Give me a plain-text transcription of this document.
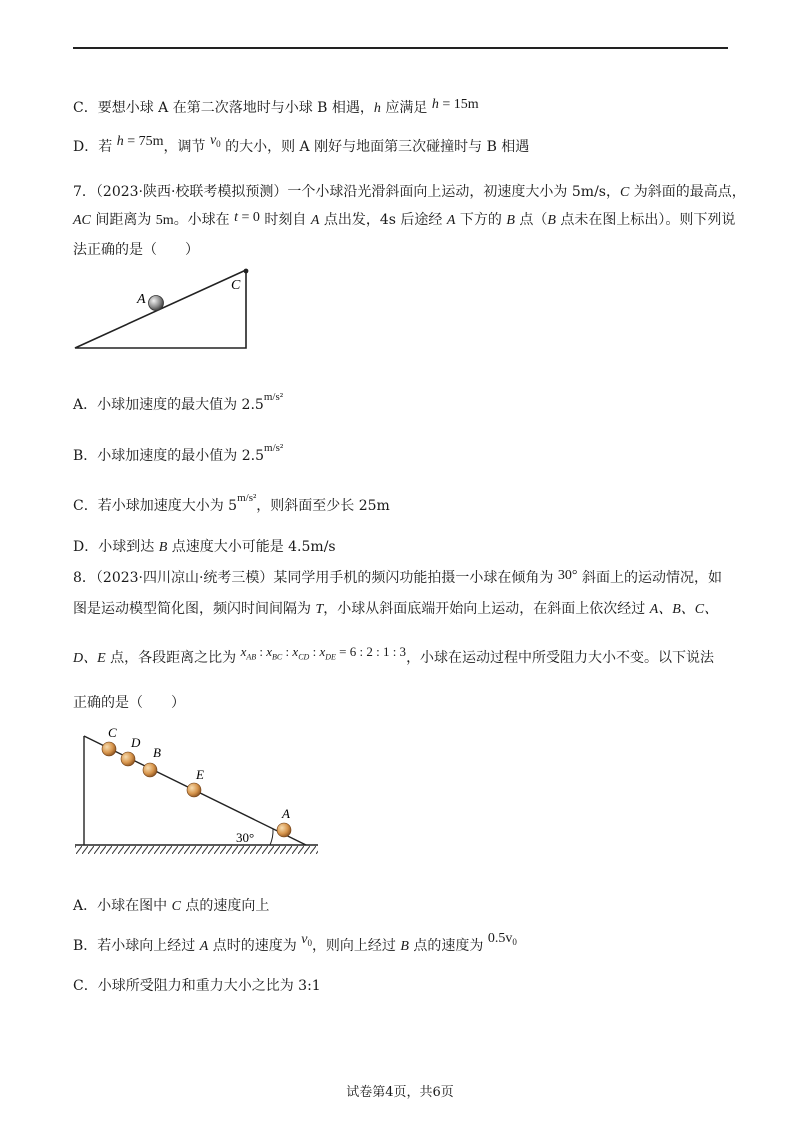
C．要想小球 A 在第二次落地时与小球 B 相遇，h 应满足 h = 15m
D．若 h = 75m，调节 $v^0$ 的大小，则 A 刚好与地面第三次碰撞时与 B 相遇
7．（2023·陕西·校联考模拟预测）一个小球沿光滑斜面向上运动，初速度大小为 5m/s，C 为斜面的最高点，
AC 间距离为 5m。小球在 t = 0 时刻自 A 点出发，4s 后途经 A 下方的 B 点（B 点未在图上标出）。则下列说
法正确的是（　　）
A
C
A．小球加速度的最大值为 $2.5^{m/s^2}$
B．小球加速度的最小值为 $2.5^{m/s^2}$
C．若小球加速度大小为 $5^{m/s^2}$，则斜面至少长 25m
D．小球到达 B 点速度大小可能是 4.5m/s
8．（2023·四川凉山·统考三模）某同学用手机的频闪功能拍摄一小球在倾角为 30° 斜面上的运动情况，如
图是运动模型简化图，频闪时间间隔为 T，小球从斜面底端开始向上运动，在斜面上依次经过 A、B、C、
D、E 点，各段距离之比为 $x_{AB}$ : $x_{BC}$ : $x_{CD}$ : $x_{DE} = 6$ : 2 : 1 : 3，小球在运动过程中所受阻力大小不变。以下说法
正确的是（　　）
30°
C
D
B
E
A
A．小球在图中 C 点的速度向上
B．若小球向上经过 A 点时的速度为 $v^0$，则向上经过 B 点的速度为 $0.5v^0$
C．小球所受阻力和重力大小之比为 3:1
试卷第4页，共6页
